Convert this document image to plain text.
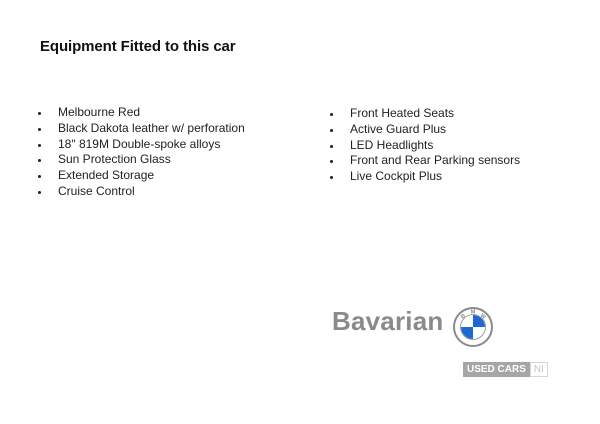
Equipment Fitted to this car
Melbourne Red
Black Dakota leather w/ perforation
18" 819M Double-spoke alloys
Sun Protection Glass
Extended Storage
Cruise Control
Front Heated Seats
Active Guard Plus
LED Headlights
Front and Rear Parking sensors
Live Cockpit Plus
Bavarian	B
M
W
USED CARS NI
